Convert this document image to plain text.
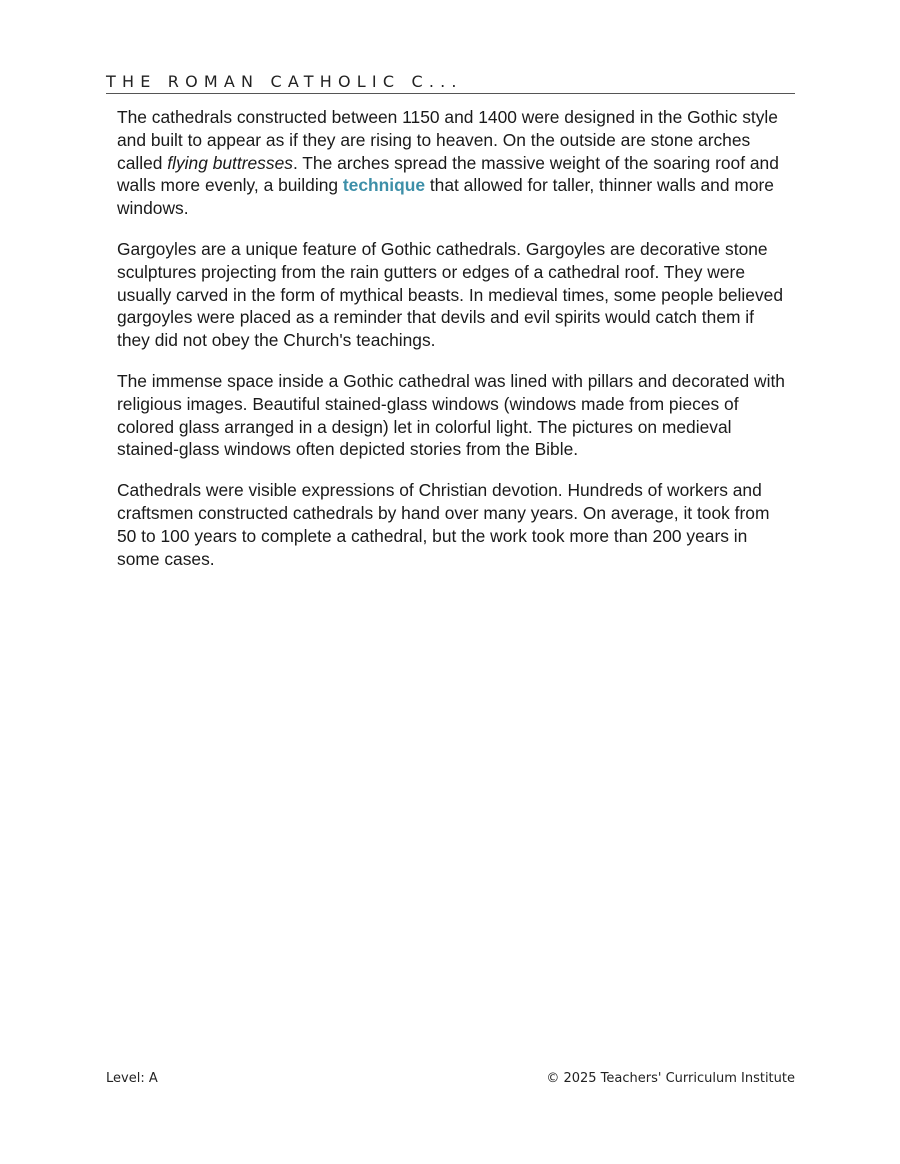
THE ROMAN CATHOLIC C...

The cathedrals constructed between 1150 and 1400 were designed in the Gothic style and built to appear as if they are rising to heaven. On the outside are stone arches called flying buttresses. The arches spread the massive weight of the soaring roof and walls more evenly, a building technique that allowed for taller, thinner walls and more windows.

Gargoyles are a unique feature of Gothic cathedrals. Gargoyles are decorative stone sculptures projecting from the rain gutters or edges of a cathedral roof. They were usually carved in the form of mythical beasts. In medieval times, some people believed gargoyles were placed as a reminder that devils and evil spirits would catch them if they did not obey the Church's teachings.

The immense space inside a Gothic cathedral was lined with pillars and decorated with religious images. Beautiful stained-glass windows (windows made from pieces of colored glass arranged in a design) let in colorful light. The pictures on medieval stained-glass windows often depicted stories from the Bible.

Cathedrals were visible expressions of Christian devotion. Hundreds of workers and craftsmen constructed cathedrals by hand over many years. On average, it took from 50 to 100 years to complete a cathedral, but the work took more than 200 years in some cases.

Level: A	© 2025 Teachers' Curriculum Institute
